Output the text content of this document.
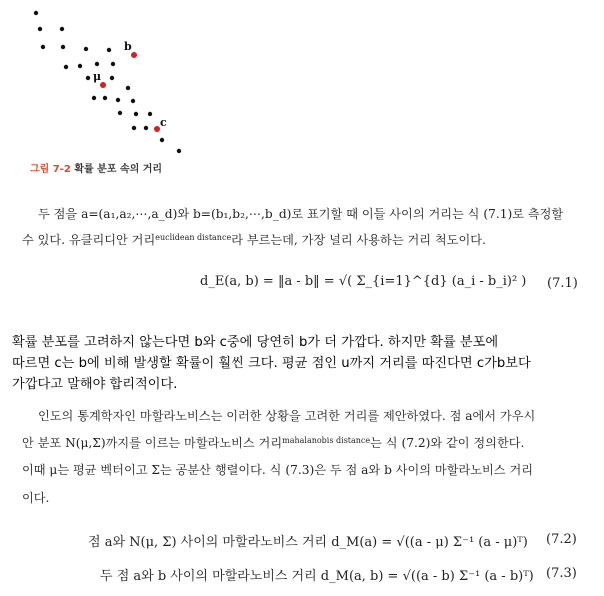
b
μ
c
그림 7-2 확률 분포 속의 거리
두 점을 a=(a₁,a₂,⋯,a_d)와 b=(b₁,b₂,⋯,b_d)로 표기할 때 이들 사이의 거리는 식 (7.1)로 측정할
수 있다. 유클리디안 거리$^{euclidean distance}$라 부르는데, 가장 널리 사용하는 거리 척도이다.
d_E(a, b) = ‖a - b‖ = √( Σ_{i=1}^{d} (a_i - b_i)² ) (7.1)
확률 분포를 고려하지 않는다면 b와 c중에 당연히 b가 더 가깝다. 하지만 확률 분포에
따르면 c는 b에 비해 발생할 확률이 훨씬 크다. 평균 점인 u까지 거리를 따진다면 c가b보다
가깝다고 말해야 합리적이다.
인도의 통계학자인 마할라노비스는 이러한 상황을 고려한 거리를 제안하였다. 점 a에서 가우시
안 분포 N(μ,Σ)까지를 이르는 마할라노비스 거리$^{mahalanobis distance}$는 식 (7.2)와 같이 정의한다.
이때 μ는 평균 벡터이고 Σ는 공분산 행렬이다. 식 (7.3)은 두 점 a와 b 사이의 마할라노비스 거리
이다.
점 a와 N(μ, Σ) 사이의 마할라노비스 거리 d_M(a) = √((a - μ) Σ⁻¹ (a - μ)ᵀ) (7.2)
두 점 a와 b 사이의 마할라노비스 거리 d_M(a, b) = √((a - b) Σ⁻¹ (a - b)ᵀ) (7.3)
